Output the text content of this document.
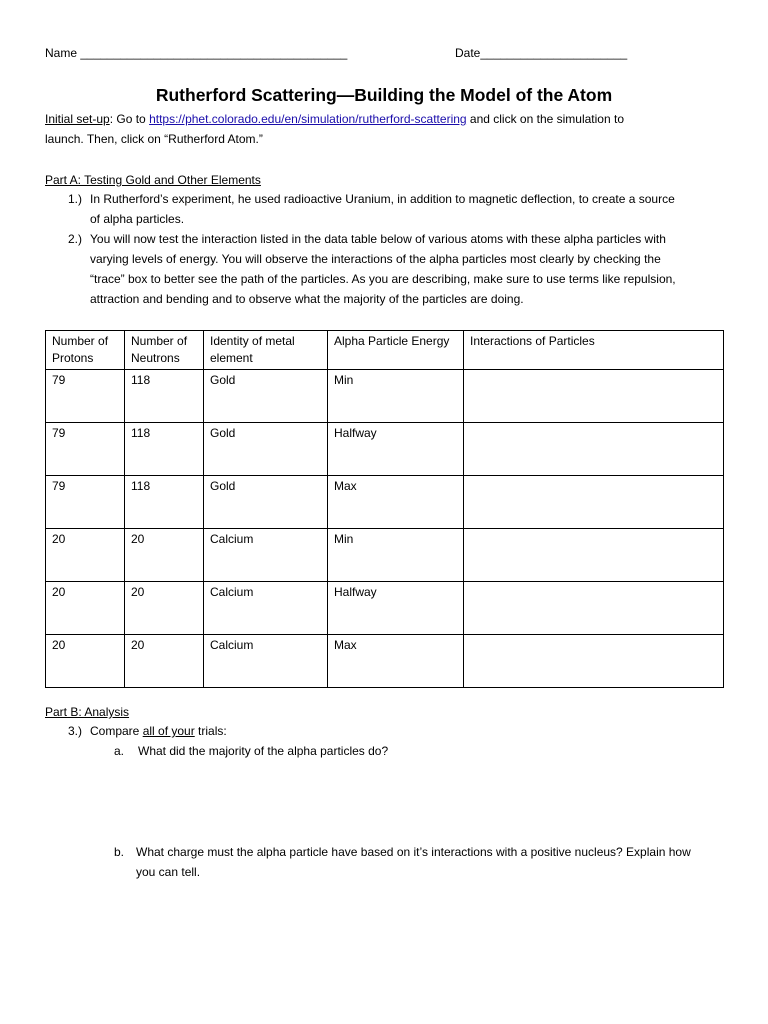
Name ________________________________________	Date______________________
Rutherford Scattering—Building the Model of the Atom
Initial set-up: Go to https://phet.colorado.edu/en/simulation/rutherford-scattering and click on the simulation to
launch. Then, click on “Rutherford Atom.”
Part A: Testing Gold and Other Elements
1.) In Rutherford’s experiment, he used radioactive Uranium, in addition to magnetic deflection, to create a source
of alpha particles.
2.) You will now test the interaction listed in the data table below of various atoms with these alpha particles with
varying levels of energy. You will observe the interactions of the alpha particles most clearly by checking the
“trace” box to better see the path of the particles. As you are describing, make sure to use terms like repulsion,
attraction and bending and to observe what the majority of the particles are doing.
Number of Protons	Number of Neutrons	Identity of metal element	Alpha Particle Energy	Interactions of Particles
79	118	Gold	Min	
79	118	Gold	Halfway	
79	118	Gold	Max	
20	20	Calcium	Min	
20	20	Calcium	Halfway	
20	20	Calcium	Max	
Part B: Analysis
3.) Compare all of your trials:
a. What did the majority of the alpha particles do?
b. What charge must the alpha particle have based on it’s interactions with a positive nucleus? Explain how
you can tell.
